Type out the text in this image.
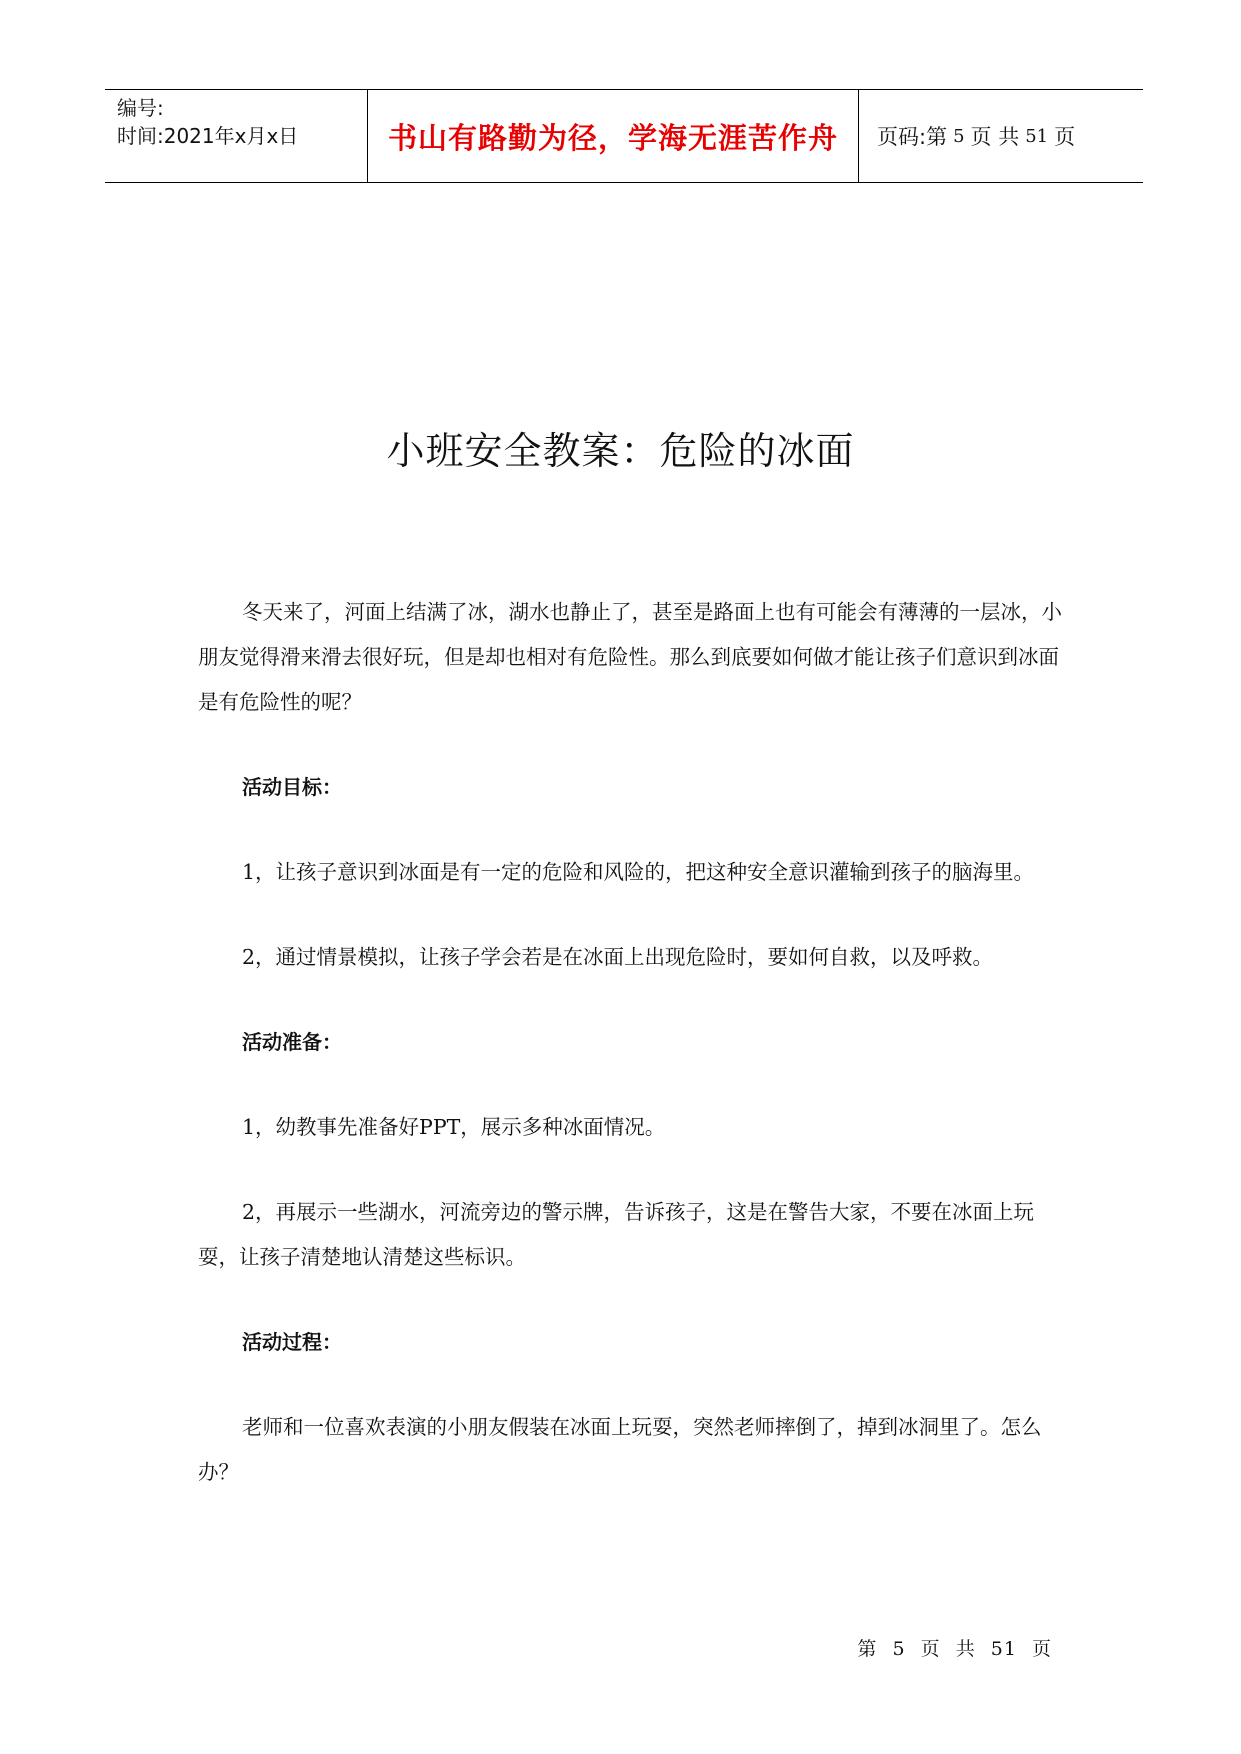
编号:
时间:2021年x月x日	书山有路勤为径，学海无涯苦作舟	页码:第 5 页 共 51 页
小班安全教案：危险的冰面

冬天来了，河面上结满了冰，湖水也静止了，甚至是路面上也有可能会有薄薄的一层冰，小朋友觉得滑来滑去很好玩，但是却也相对有危险性。那么到底要如何做才能让孩子们意识到冰面是有危险性的呢？

活动目标：

1，让孩子意识到冰面是有一定的危险和风险的，把这种安全意识灌输到孩子的脑海里。

2，通过情景模拟，让孩子学会若是在冰面上出现危险时，要如何自救，以及呼救。

活动准备：

1，幼教事先准备好PPT，展示多种冰面情况。

2，再展示一些湖水，河流旁边的警示牌，告诉孩子，这是在警告大家，不要在冰面上玩耍，让孩子清楚地认清楚这些标识。

活动过程：

老师和一位喜欢表演的小朋友假装在冰面上玩耍，突然老师摔倒了，掉到冰洞里了。怎么办？

第 5 页 共 51 页
